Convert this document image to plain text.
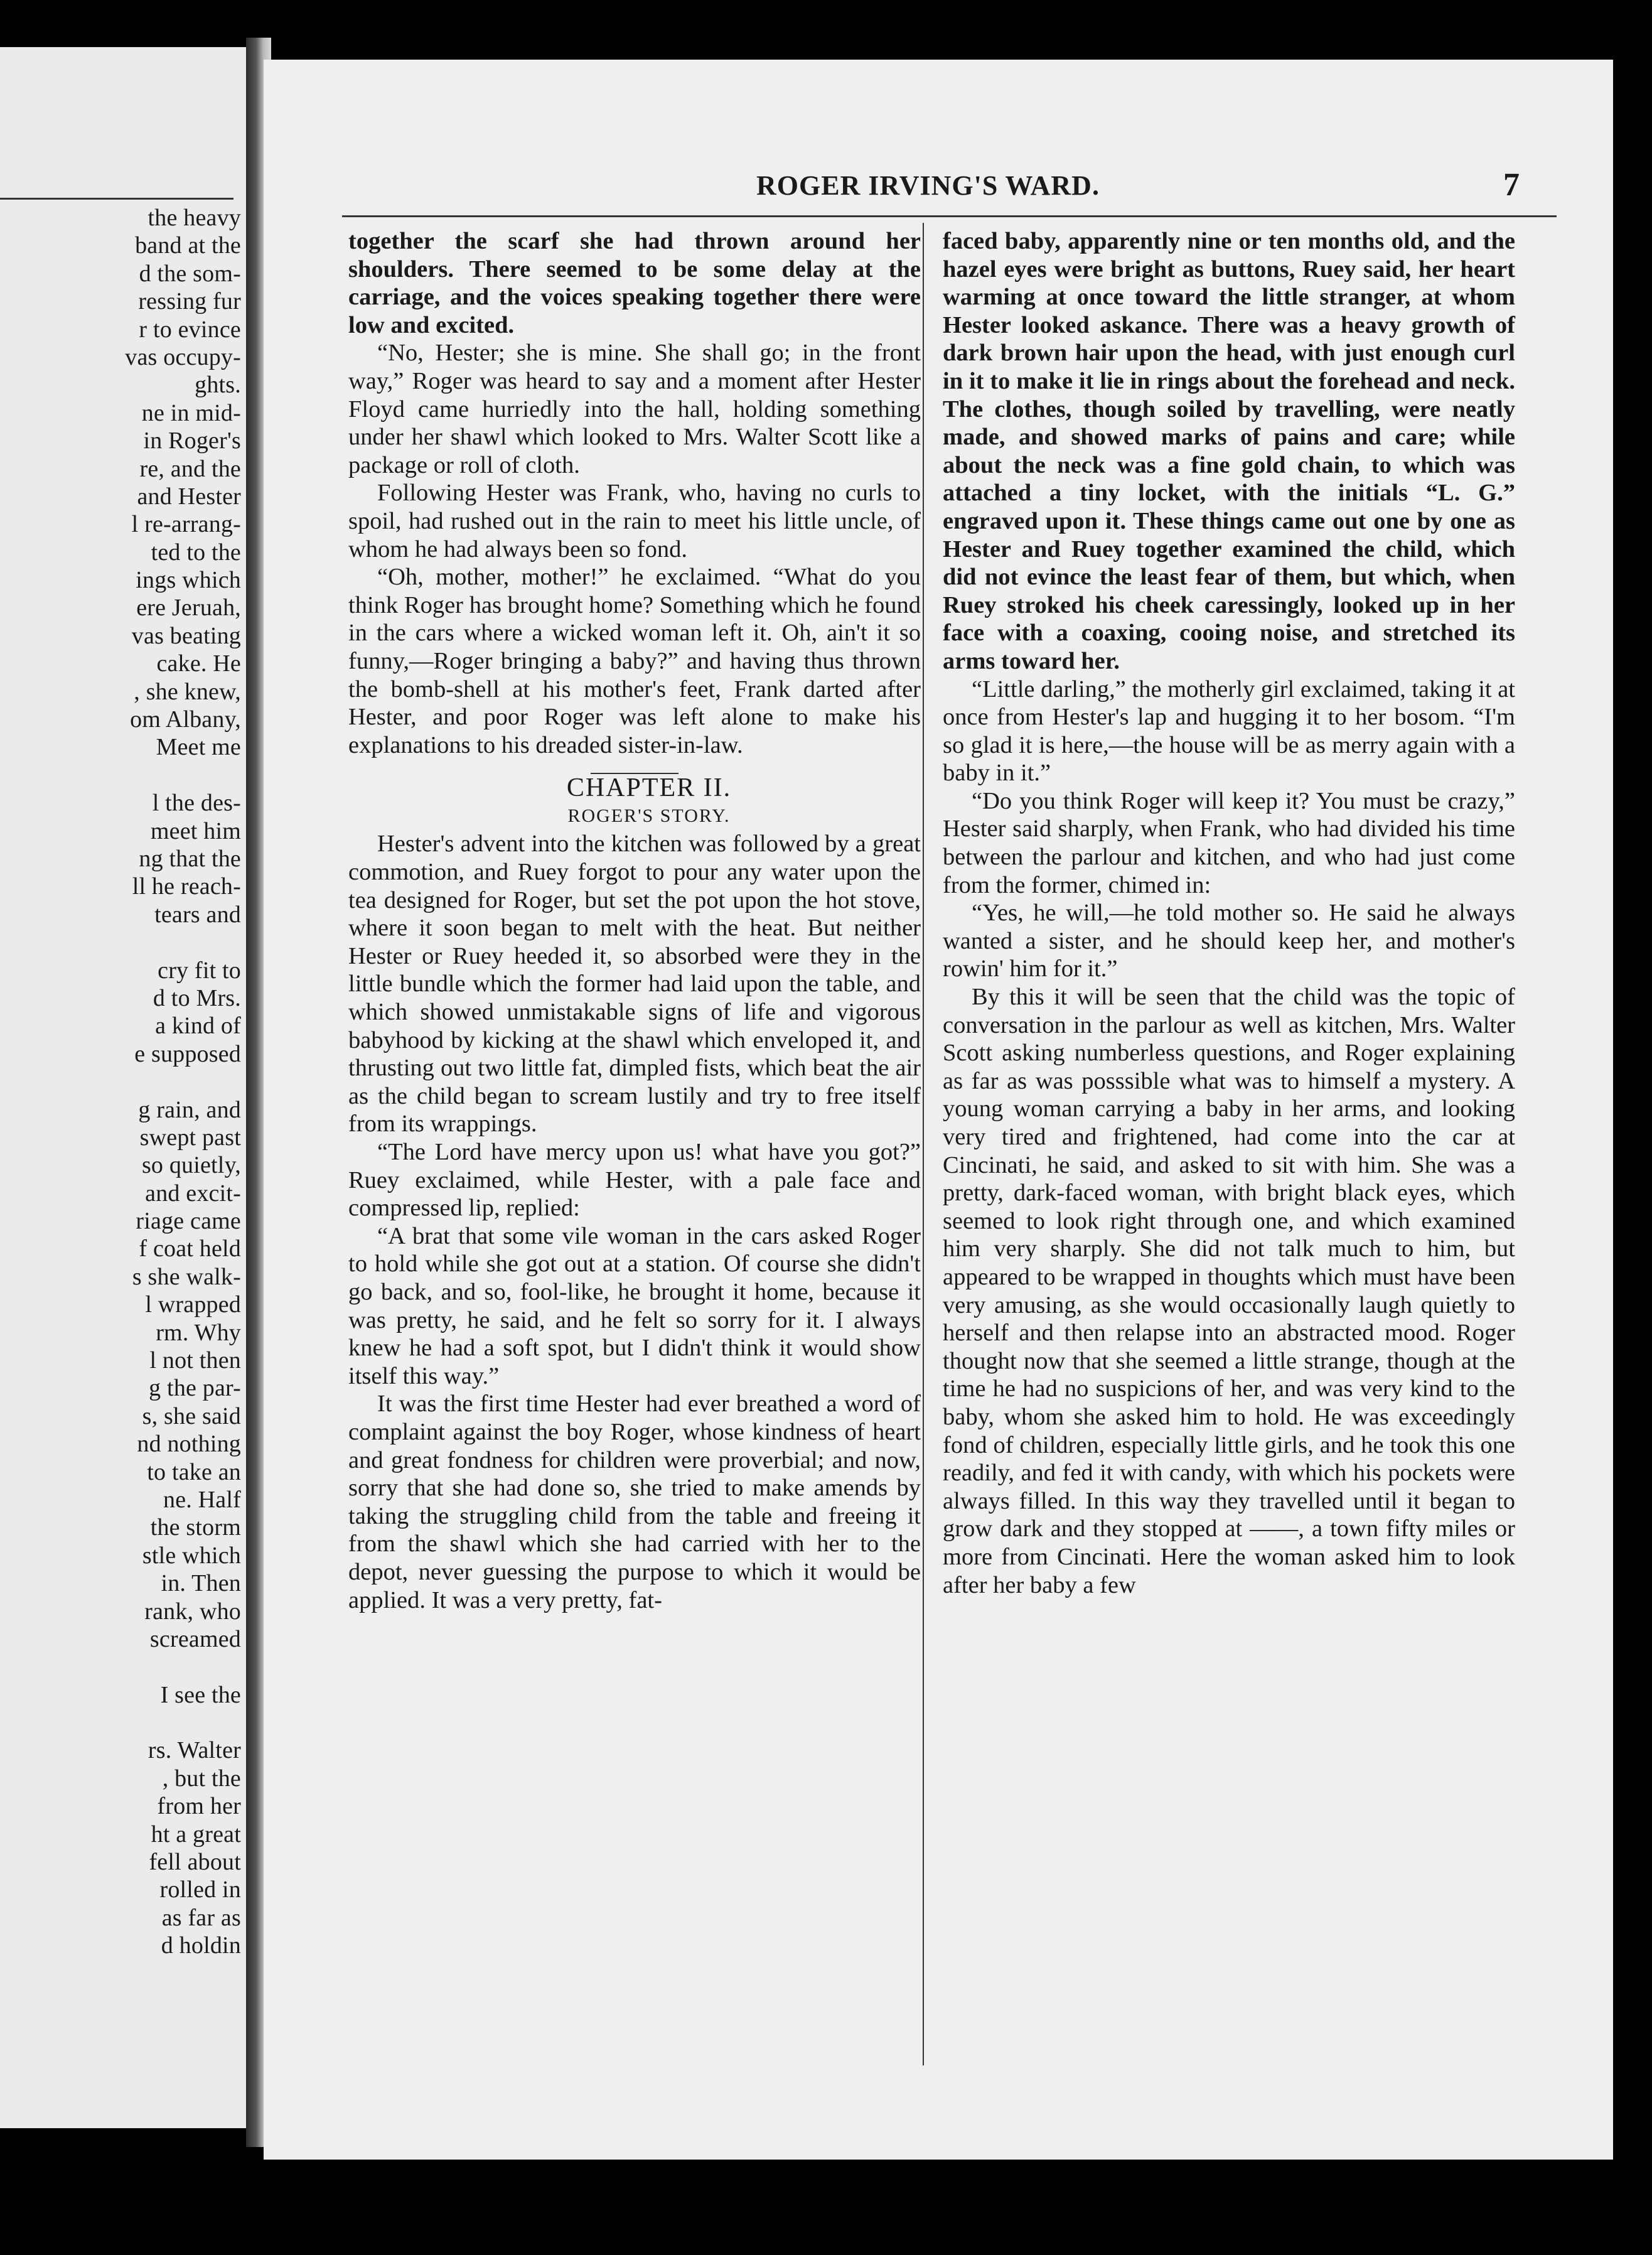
the heavy
band at the
d the som-
ressing fur
r to evince
vas occupy-
ghts.
ne in mid-
in Roger's
re, and the
and Hester
l re-arrang-
ted to the
ings which
ere Jeruah,
vas beating
cake. He
, she knew,
om Albany,
Meet me
l the des-
meet him
ng that the
ll he reach-
tears and
cry fit to
d to Mrs.
a kind of
e supposed
g rain, and
swept past
so quietly,
and excit-
riage came
f coat held
s she walk-
l wrapped
rm. Why
l not then
g the par-
s, she said
nd nothing
to take an
ne. Half
the storm
stle which
in. Then
rank, who
screamed
I see the
rs. Walter
, but the
from her
ht a great
fell about
rolled in
as far as
d holdin
ROGER IRVING'S WARD.	7

together the scarf she had thrown around her shoulders. There seemed to be some delay at the carriage, and the voices speaking together there were low and excited.

“No, Hester; she is mine. She shall go; in the front way,” Roger was heard to say and a moment after Hester Floyd came hurriedly into the hall, holding something under her shawl which looked to Mrs. Walter Scott like a package or roll of cloth.

Following Hester was Frank, who, having no curls to spoil, had rushed out in the rain to meet his little uncle, of whom he had always been so fond.

“Oh, mother, mother!” he exclaimed. “What do you think Roger has brought home? Something which he found in the cars where a wicked woman left it. Oh, ain't it so funny,—Roger bringing a baby?” and having thus thrown the bomb-shell at his mother's feet, Frank darted after Hester, and poor Roger was left alone to make his explanations to his dreaded sister-in-law.

CHAPTER II.

ROGER'S STORY.

Hester's advent into the kitchen was followed by a great commotion, and Ruey forgot to pour any water upon the tea designed for Roger, but set the pot upon the hot stove, where it soon began to melt with the heat. But neither Hester or Ruey heeded it, so absorbed were they in the little bundle which the former had laid upon the table, and which showed unmistakable signs of life and vigorous babyhood by kicking at the shawl which enveloped it, and thrusting out two little fat, dimpled fists, which beat the air as the child began to scream lustily and try to free itself from its wrappings.

“The Lord have mercy upon us! what have you got?” Ruey exclaimed, while Hester, with a pale face and compressed lip, replied:

“A brat that some vile woman in the cars asked Roger to hold while she got out at a station. Of course she didn't go back, and so, fool-like, he brought it home, because it was pretty, he said, and he felt so sorry for it. I always knew he had a soft spot, but I didn't think it would show itself this way.”

It was the first time Hester had ever breathed a word of complaint against the boy Roger, whose kindness of heart and great fondness for children were proverbial; and now, sorry that she had done so, she tried to make amends by taking the struggling child from the table and freeing it from the shawl which she had carried with her to the depot, never guessing the purpose to which it would be applied. It was a very pretty, fat-

faced baby, apparently nine or ten months old, and the hazel eyes were bright as buttons, Ruey said, her heart warming at once toward the little stranger, at whom Hester looked askance. There was a heavy growth of dark brown hair upon the head, with just enough curl in it to make it lie in rings about the forehead and neck. The clothes, though soiled by travelling, were neatly made, and showed marks of pains and care; while about the neck was a fine gold chain, to which was attached a tiny locket, with the initials “L. G.” engraved upon it. These things came out one by one as Hester and Ruey together examined the child, which did not evince the least fear of them, but which, when Ruey stroked his cheek caressingly, looked up in her face with a coaxing, cooing noise, and stretched its arms toward her.

“Little darling,” the motherly girl exclaimed, taking it at once from Hester's lap and hugging it to her bosom. “I'm so glad it is here,—the house will be as merry again with a baby in it.”

“Do you think Roger will keep it? You must be crazy,” Hester said sharply, when Frank, who had divided his time between the parlour and kitchen, and who had just come from the former, chimed in:

“Yes, he will,—he told mother so. He said he always wanted a sister, and he should keep her, and mother's rowin' him for it.”

By this it will be seen that the child was the topic of conversation in the parlour as well as kitchen, Mrs. Walter Scott asking numberless questions, and Roger explaining as far as was posssible what was to himself a mystery. A young woman carrying a baby in her arms, and looking very tired and frightened, had come into the car at Cincinati, he said, and asked to sit with him. She was a pretty, dark-faced woman, with bright black eyes, which seemed to look right through one, and which examined him very sharply. She did not talk much to him, but appeared to be wrapped in thoughts which must have been very amusing, as she would occasionally laugh quietly to herself and then relapse into an abstracted mood. Roger thought now that she seemed a little strange, though at the time he had no suspicions of her, and was very kind to the baby, whom she asked him to hold. He was exceedingly fond of children, especially little girls, and he took this one readily, and fed it with candy, with which his pockets were always filled. In this way they travelled until it began to grow dark and they stopped at ——, a town fifty miles or more from Cincinati. Here the woman asked him to look after her baby a few
